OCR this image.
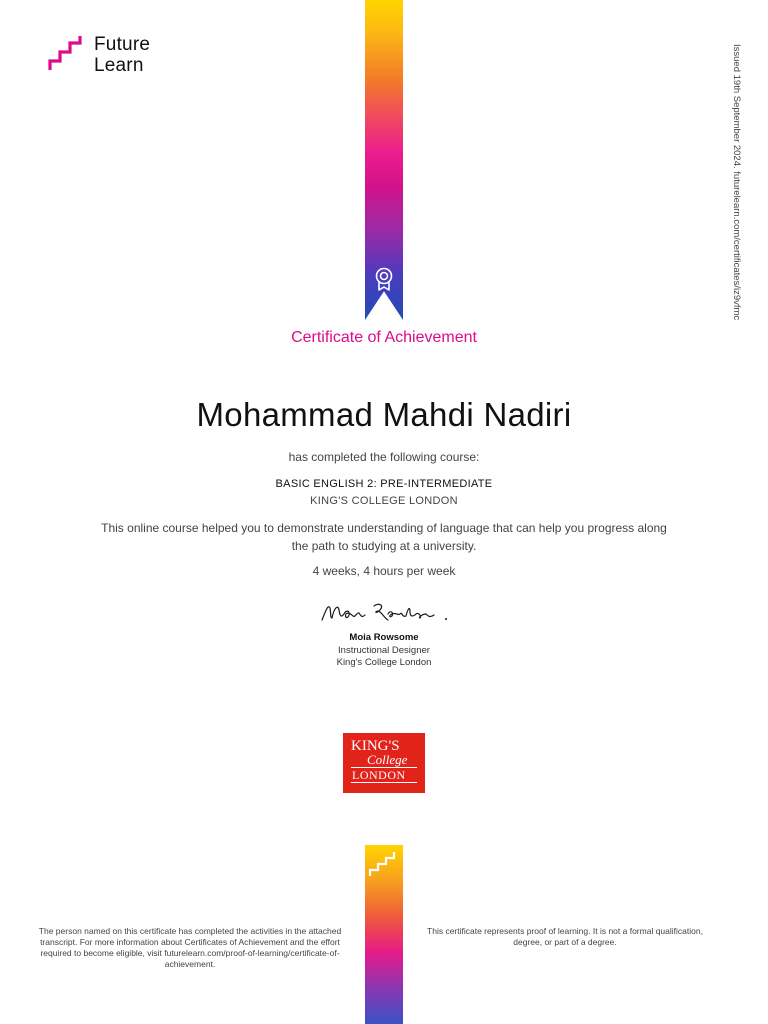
Future
Learn	Issued 19th September 2024. futurelearn.com/certificates/iz9vfmc
Certificate of Achievement
Mohammad Mahdi Nadiri
has completed the following course:
BASIC ENGLISH 2: PRE-INTERMEDIATE
KING'S COLLEGE LONDON
This online course helped you to demonstrate understanding of language that can help you progress along the path to studying at a university.
4 weeks, 4 hours per week
Moia Rowsome
Instructional Designer
King's College London
KING'S
College
LONDON
The person named on this certificate has completed the activities in the attached transcript. For more information about Certificates of Achievement and the effort required to become eligible, visit futurelearn.com/proof-of-learning/certificate-of-achievement.
This certificate represents proof of learning. It is not a formal qualification, degree, or part of a degree.
